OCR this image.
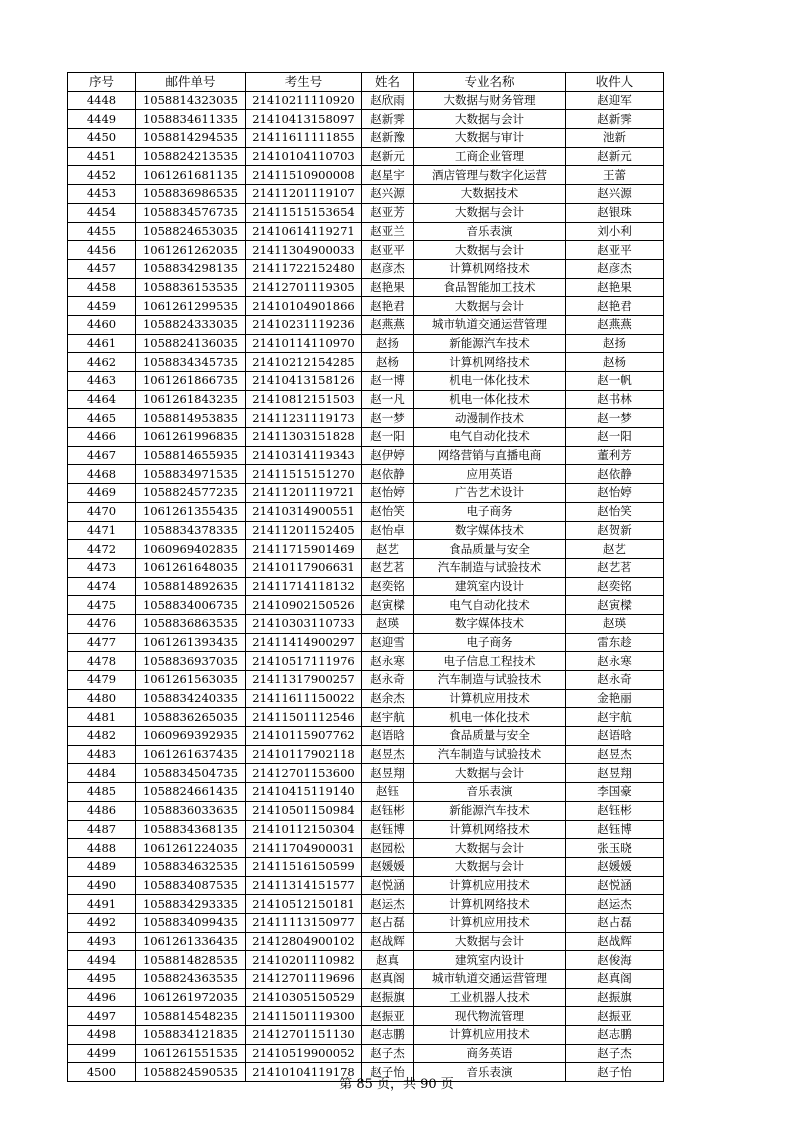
序号	邮件单号	考生号	姓名	专业名称	收件人
4448	1058814323035	21410211110920	赵欣雨	大数据与财务管理	赵迎军
4449	1058834611335	21410413158097	赵新霁	大数据与会计	赵新霁
4450	1058814294535	21411611111855	赵新豫	大数据与审计	池新
4451	1058824213535	21410104110703	赵新元	工商企业管理	赵新元
4452	1061261681135	21411510900008	赵星宇	酒店管理与数字化运营	王蕾
4453	1058836986535	21411201119107	赵兴源	大数据技术	赵兴源
4454	1058834576735	21411515153654	赵亚芳	大数据与会计	赵银珠
4455	1058824653035	21410614119271	赵亚兰	音乐表演	刘小利
4456	1061261262035	21411304900033	赵亚平	大数据与会计	赵亚平
4457	1058834298135	21411722152480	赵彦杰	计算机网络技术	赵彦杰
4458	1058836153535	21412701119305	赵艳果	食品智能加工技术	赵艳果
4459	1061261299535	21410104901866	赵艳君	大数据与会计	赵艳君
4460	1058824333035	21410231119236	赵燕燕	城市轨道交通运营管理	赵燕燕
4461	1058824136035	21410114110970	赵扬	新能源汽车技术	赵扬
4462	1058834345735	21410212154285	赵杨	计算机网络技术	赵杨
4463	1061261866735	21410413158126	赵一博	机电一体化技术	赵一帆
4464	1061261843235	21410812151503	赵一凡	机电一体化技术	赵书林
4465	1058814953835	21411231119173	赵一梦	动漫制作技术	赵一梦
4466	1061261996835	21411303151828	赵一阳	电气自动化技术	赵一阳
4467	1058814655935	21410314119343	赵伊婷	网络营销与直播电商	董利芳
4468	1058834971535	21411515151270	赵依静	应用英语	赵依静
4469	1058824577235	21411201119721	赵怡婷	广告艺术设计	赵怡婷
4470	1061261355435	21410314900551	赵怡笑	电子商务	赵怡笑
4471	1058834378335	21411201152405	赵怡卓	数字媒体技术	赵贺新
4472	1060969402835	21411715901469	赵艺	食品质量与安全	赵艺
4473	1061261648035	21410117906631	赵艺茗	汽车制造与试验技术	赵艺茗
4474	1058814892635	21411714118132	赵奕铭	建筑室内设计	赵奕铭
4475	1058834006735	21410902150526	赵寅樑	电气自动化技术	赵寅樑
4476	1058836863535	21410303110733	赵瑛	数字媒体技术	赵瑛
4477	1061261393435	21411414900297	赵迎雪	电子商务	雷东趁
4478	1058836937035	21410517111976	赵永寒	电子信息工程技术	赵永寒
4479	1061261563035	21411317900257	赵永奇	汽车制造与试验技术	赵永奇
4480	1058834240335	21411611150022	赵余杰	计算机应用技术	金艳丽
4481	1058836265035	21411501112546	赵宇航	机电一体化技术	赵宇航
4482	1060969392935	21410115907762	赵语晗	食品质量与安全	赵语晗
4483	1061261637435	21410117902118	赵昱杰	汽车制造与试验技术	赵昱杰
4484	1058834504735	21412701153600	赵昱翔	大数据与会计	赵昱翔
4485	1058824661435	21410415119140	赵钰	音乐表演	李国豪
4486	1058836033635	21410501150984	赵钰彬	新能源汽车技术	赵钰彬
4487	1058834368135	21410112150304	赵钰博	计算机网络技术	赵钰博
4488	1061261224035	21411704900031	赵园松	大数据与会计	张玉晓
4489	1058834632535	21411516150599	赵媛媛	大数据与会计	赵媛媛
4490	1058834087535	21411314151577	赵悦涵	计算机应用技术	赵悦涵
4491	1058834293335	21410512150181	赵运杰	计算机网络技术	赵运杰
4492	1058834099435	21411113150977	赵占磊	计算机应用技术	赵占磊
4493	1061261336435	21412804900102	赵战辉	大数据与会计	赵战辉
4494	1058814828535	21410201110982	赵真	建筑室内设计	赵俊海
4495	1058824363535	21412701119696	赵真阁	城市轨道交通运营管理	赵真阁
4496	1061261972035	21410305150529	赵振旗	工业机器人技术	赵振旗
4497	1058814548235	21411501119300	赵振亚	现代物流管理	赵振亚
4498	1058834121835	21412701151130	赵志鹏	计算机应用技术	赵志鹏
4499	1061261551535	21410519900052	赵子杰	商务英语	赵子杰
4500	1058824590535	21410104119178	赵子怡	音乐表演	赵子怡
第 85 页，共 90 页
